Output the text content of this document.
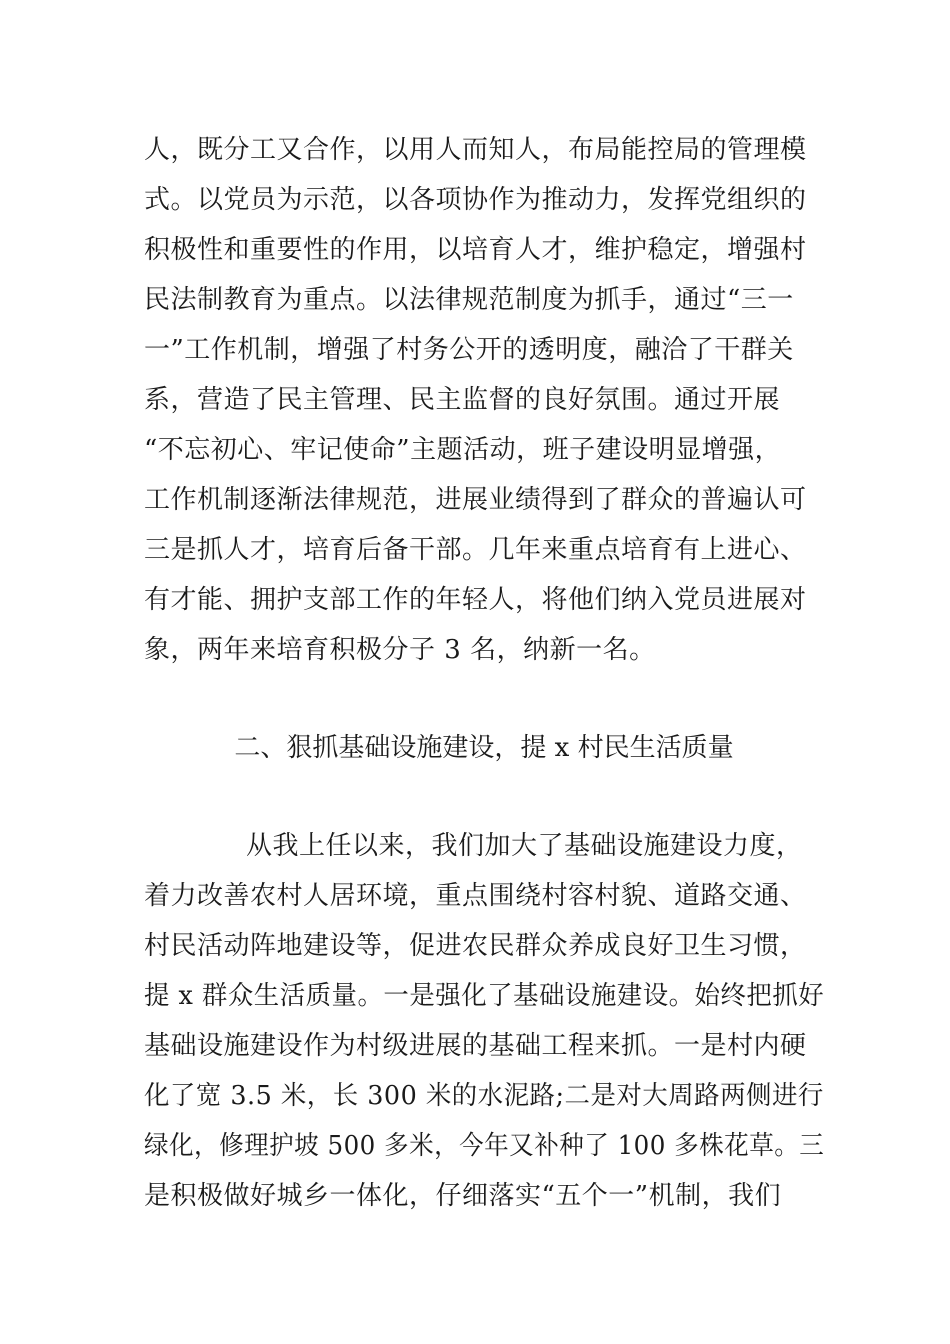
人，既分工又合作，以用人而知人，布局能控局的管理模
式。以党员为示范，以各项协作为推动力，发挥党组织的
积极性和重要性的作用，以培育人才，维护稳定，增强村
民法制教育为重点。以法律规范制度为抓手，通过“三一
一”工作机制，增强了村务公开的透明度，融洽了干群关
系，营造了民主管理、民主监督的良好氛围。通过开展
“不忘初心、牢记使命”主题活动，班子建设明显增强，
工作机制逐渐法律规范，进展业绩得到了群众的普遍认可
三是抓人才，培育后备干部。几年来重点培育有上进心、
有才能、拥护支部工作的年轻人，将他们纳入党员进展对
象，两年来培育积极分子 3 名，纳新一名。
二、狠抓基础设施建设，提 x 村民生活质量
从我上任以来，我们加大了基础设施建设力度，
着力改善农村人居环境，重点围绕村容村貌、道路交通、
村民活动阵地建设等，促进农民群众养成良好卫生习惯，
提 x 群众生活质量。一是强化了基础设施建设。始终把抓好
基础设施建设作为村级进展的基础工程来抓。一是村内硬
化了宽 3.5 米，长 300 米的水泥路;二是对大周路两侧进行
绿化，修理护坡 500 多米，今年又补种了 100 多株花草。三
是积极做好城乡一体化，仔细落实“五个一”机制，我们
